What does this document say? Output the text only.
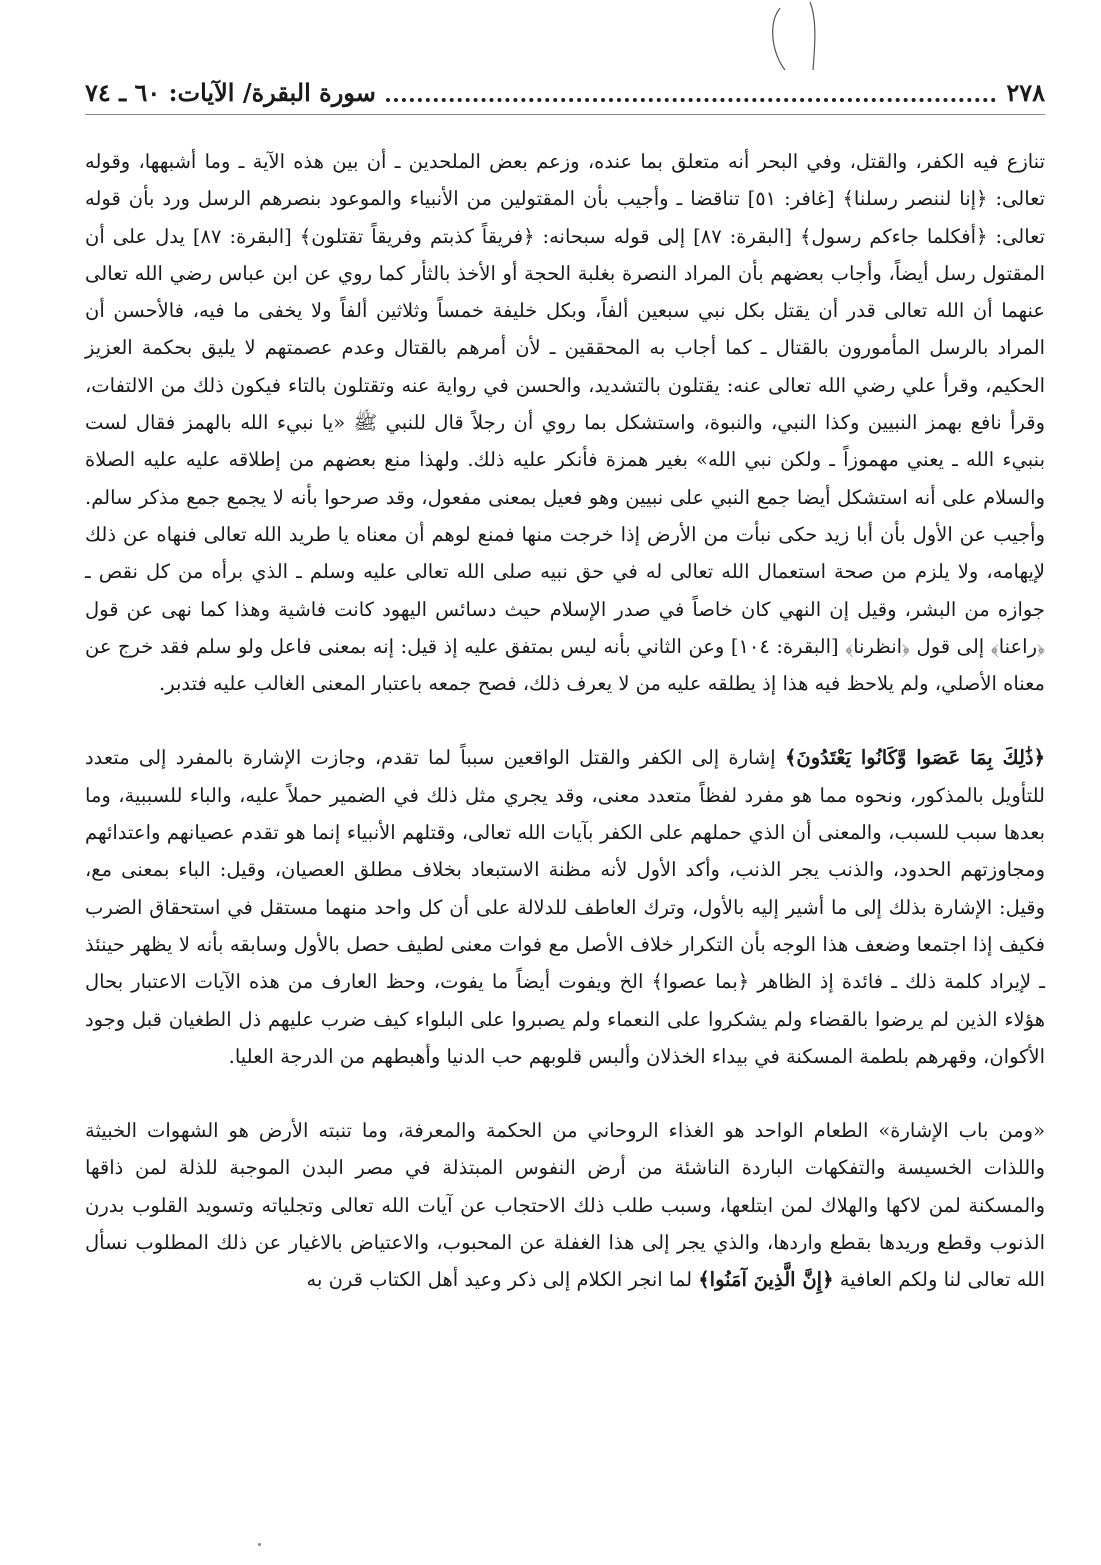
٢٧٨
سورة البقرة/ الآيات: ٦٠ ـ ٧٤

تنازع فيه الكفر، والقتل، وفي البحر أنه متعلق بما عنده، وزعم بعض الملحدين ـ أن بين هذه الآية ـ وما أشبهها، وقوله تعالى: ﴿إنا لننصر رسلنا﴾ [غافر: ٥١] تناقضا ـ وأجيب بأن المقتولين من الأنبياء والموعود بنصرهم الرسل ورد بأن قوله تعالى: ﴿أفكلما جاءكم رسول﴾ [البقرة: ٨٧] إلى قوله سبحانه: ﴿فريقاً كذبتم وفريقاً تقتلون﴾ [البقرة: ٨٧] يدل على أن المقتول رسل أيضاً، وأجاب بعضهم بأن المراد النصرة بغلبة الحجة أو الأخذ بالثأر كما روي عن ابن عباس رضي الله تعالى عنهما أن الله تعالى قدر أن يقتل بكل نبي سبعين ألفاً، وبكل خليفة خمساً وثلاثين ألفاً ولا يخفى ما فيه، فالأحسن أن المراد بالرسل المأمورون بالقتال ـ كما أجاب به المحققين ـ لأن أمرهم بالقتال وعدم عصمتهم لا يليق بحكمة العزيز الحكيم، وقرأ علي رضي الله تعالى عنه: يقتلون بالتشديد، والحسن في رواية عنه وتقتلون بالتاء فيكون ذلك من الالتفات، وقرأ نافع بهمز النبيين وكذا النبي، والنبوة، واستشكل بما روي أن رجلاً قال للنبي ﷺ «يا نبيء الله بالهمز فقال لست بنبيء الله ـ يعني مهموزاً ـ ولكن نبي الله» بغير همزة فأنكر عليه ذلك. ولهذا منع بعضهم من إطلاقه عليه عليه الصلاة والسلام على أنه استشكل أيضا جمع النبي على نبيين وهو فعيل بمعنى مفعول، وقد صرحوا بأنه لا يجمع جمع مذكر سالم. وأجيب عن الأول بأن أبا زيد حكى نبأت من الأرض إذا خرجت منها فمنع لوهم أن معناه يا طريد الله تعالى فنهاه عن ذلك لإيهامه، ولا يلزم من صحة استعمال الله تعالى له في حق نبيه صلى الله تعالى عليه وسلم ـ الذي برأه من كل نقص ـ جوازه من البشر، وقيل إن النهي كان خاصاً في صدر الإسلام حيث دسائس اليهود كانت فاشية وهذا كما نهى عن قول ﴿راعنا﴾ إلى قول ﴿انظرنا﴾ [البقرة: ١٠٤] وعن الثاني بأنه ليس بمتفق عليه إذ قيل: إنه بمعنى فاعل ولو سلم فقد خرج عن معناه الأصلي، ولم يلاحظ فيه هذا إذ يطلقه عليه من لا يعرف ذلك، فصح جمعه باعتبار المعنى الغالب عليه فتدبر.

﴿ذَٰلِكَ بِمَا عَصَوا وَّكَانُوا يَعْتَدُونَ﴾ إشارة إلى الكفر والقتل الواقعين سبباً لما تقدم، وجازت الإشارة بالمفرد إلى متعدد للتأويل بالمذكور، ونحوه مما هو مفرد لفظاً متعدد معنى، وقد يجري مثل ذلك في الضمير حملاً عليه، والباء للسببية، وما بعدها سبب للسبب، والمعنى أن الذي حملهم على الكفر بآيات الله تعالى، وقتلهم الأنبياء إنما هو تقدم عصيانهم واعتدائهم ومجاوزتهم الحدود، والذنب يجر الذنب، وأكد الأول لأنه مظنة الاستبعاد بخلاف مطلق العصيان، وقيل: الباء بمعنى مع، وقيل: الإشارة بذلك إلى ما أشير إليه بالأول، وترك العاطف للدلالة على أن كل واحد منهما مستقل في استحقاق الضرب فكيف إذا اجتمعا وضعف هذا الوجه بأن التكرار خلاف الأصل مع فوات معنى لطيف حصل بالأول وسابقه بأنه لا يظهر حينئذ ـ لإيراد كلمة ذلك ـ فائدة إذ الظاهر ﴿بما عصوا﴾ الخ ويفوت أيضاً ما يفوت، وحظ العارف من هذه الآيات الاعتبار بحال هؤلاء الذين لم يرضوا بالقضاء ولم يشكروا على النعماء ولم يصبروا على البلواء كيف ضرب عليهم ذل الطغيان قبل وجود الأكوان، وقهرهم بلطمة المسكنة في بيداء الخذلان وألبس قلوبهم حب الدنيا وأهبطهم من الدرجة العليا.

«ومن باب الإشارة» الطعام الواحد هو الغذاء الروحاني من الحكمة والمعرفة، وما تنبته الأرض هو الشهوات الخبيثة واللذات الخسيسة والتفكهات الباردة الناشئة من أرض النفوس المبتذلة في مصر البدن الموجبة للذلة لمن ذاقها والمسكنة لمن لاكها والهلاك لمن ابتلعها، وسبب طلب ذلك الاحتجاب عن آيات الله تعالى وتجلياته وتسويد القلوب بدرن الذنوب وقطع وريدها بقطع واردها، والذي يجر إلى هذا الغفلة عن المحبوب، والاعتياض بالاغيار عن ذلك المطلوب نسأل الله تعالى لنا ولكم العافية ﴿إِنَّ الَّذِينَ آمَنُوا﴾ لما انجر الكلام إلى ذكر وعيد أهل الكتاب قرن به
